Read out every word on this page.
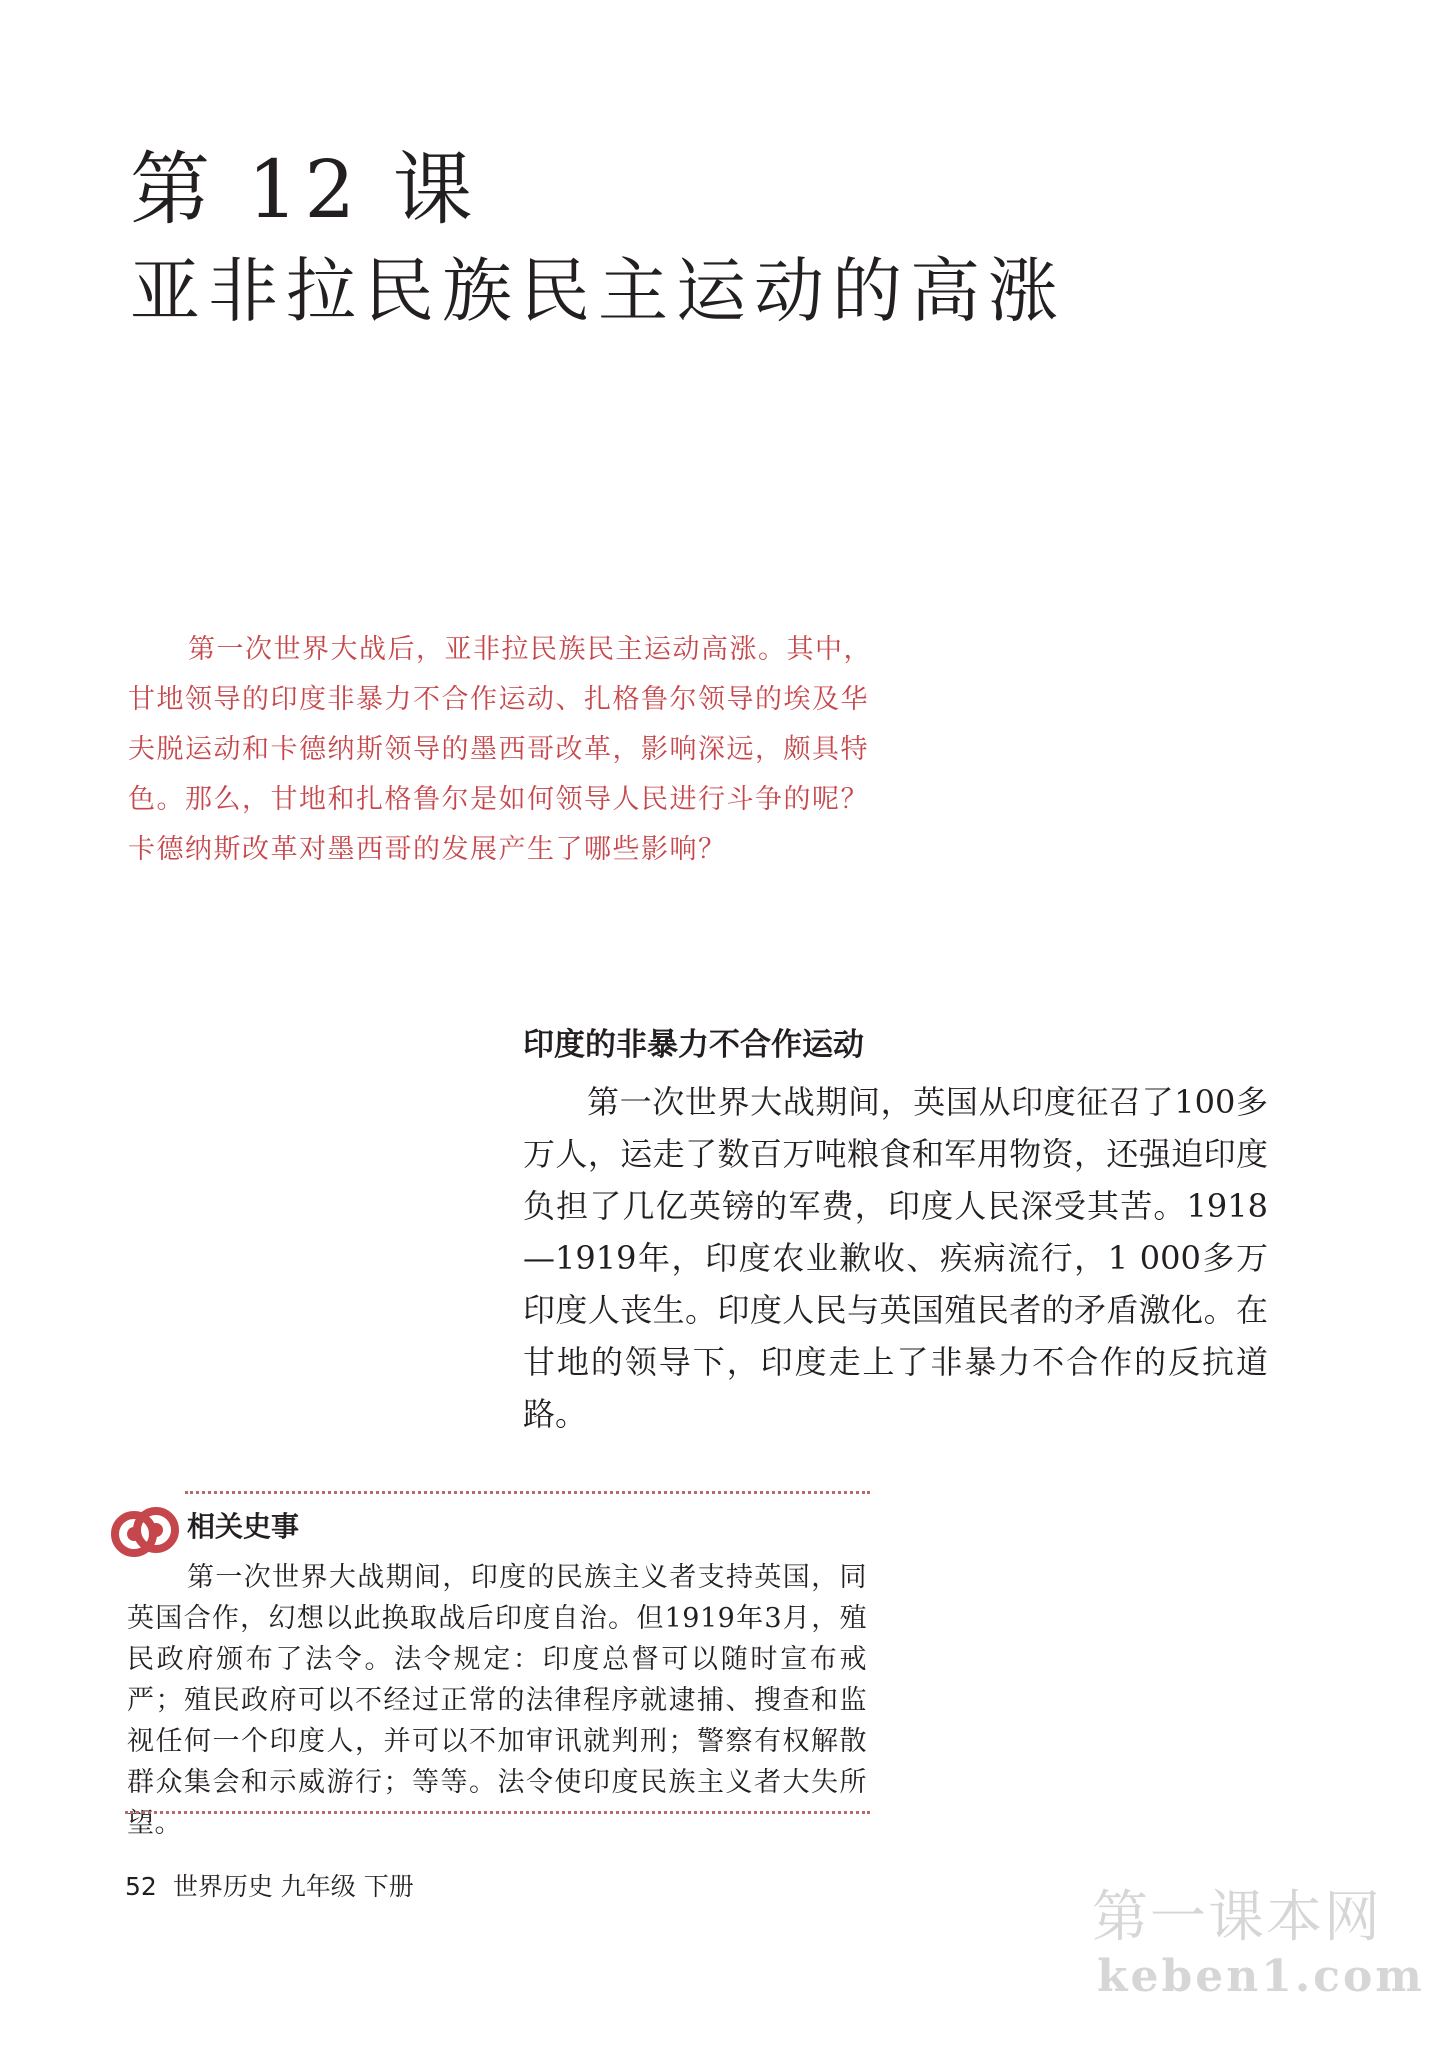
第 12 课
亚非拉民族民主运动的高涨

第一次世界大战后，亚非拉民族民主运动高涨。其中，甘地领导的印度非暴力不合作运动、扎格鲁尔领导的埃及华夫脱运动和卡德纳斯领导的墨西哥改革，影响深远，颇具特色。那么，甘地和扎格鲁尔是如何领导人民进行斗争的呢？卡德纳斯改革对墨西哥的发展产生了哪些影响？

印度的非暴力不合作运动

第一次世界大战期间，英国从印度征召了100多万人，运走了数百万吨粮食和军用物资，还强迫印度负担了几亿英镑的军费，印度人民深受其苦。1918—1919年，印度农业歉收、疾病流行，1 000多万印度人丧生。印度人民与英国殖民者的矛盾激化。在甘地的领导下，印度走上了非暴力不合作的反抗道路。

相关史事

第一次世界大战期间，印度的民族主义者支持英国，同英国合作，幻想以此换取战后印度自治。但1919年3月，殖民政府颁布了法令。法令规定：印度总督可以随时宣布戒严；殖民政府可以不经过正常的法律程序就逮捕、搜查和监视任何一个印度人，并可以不加审讯就判刑；警察有权解散群众集会和示威游行；等等。法令使印度民族主义者大失所望。

52 世界历史 九年级 下册	第一课本网
keben1.com
